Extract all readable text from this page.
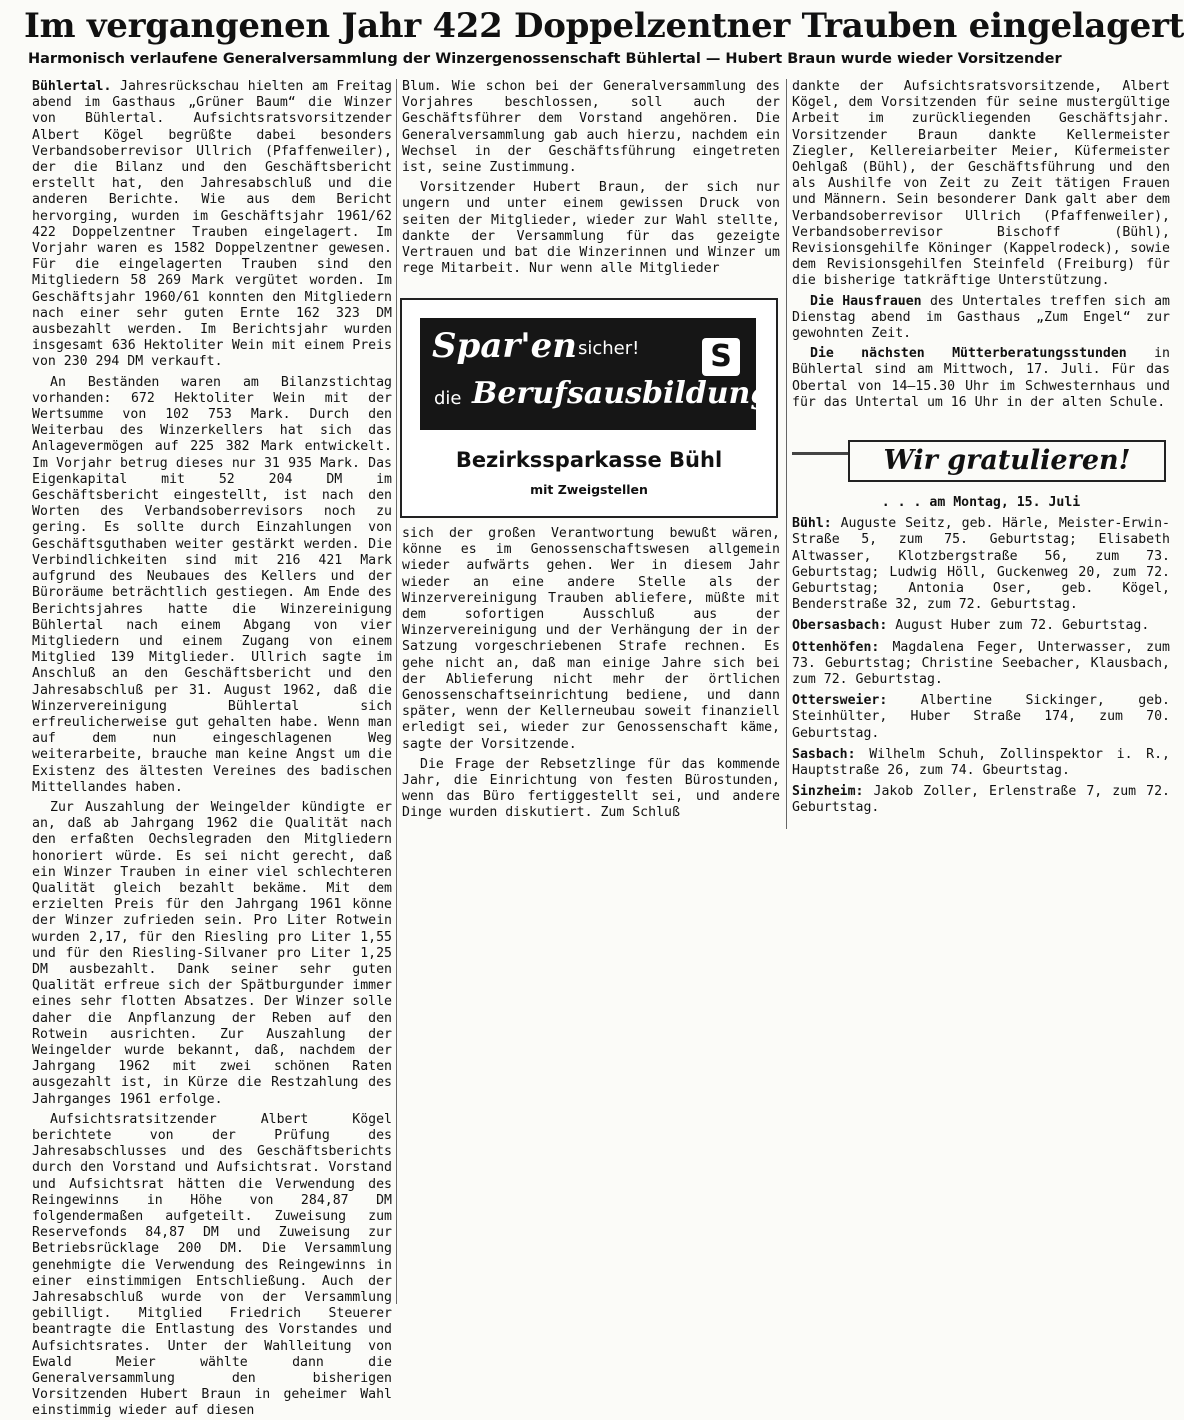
Im vergangenen Jahr 422 Doppelzentner Trauben eingelagert
Harmonisch verlaufene Generalversammlung der Winzergenossenschaft Bühlertal — Hubert Braun wurde wieder Vorsitzender

Bühlertal. Jahresrückschau hielten am Freitag abend im Gasthaus „Grüner Baum“ die Winzer von Bühlertal. Aufsichtsratsvorsitzender Albert Kögel begrüßte dabei besonders Verbandsoberrevisor Ullrich (Pfaffenweiler), der die Bilanz und den Geschäftsbericht erstellt hat, den Jahresabschluß und die anderen Berichte. Wie aus dem Bericht hervorging, wurden im Geschäftsjahr 1961/62 422 Doppelzentner Trauben eingelagert. Im Vorjahr waren es 1582 Doppelzentner gewesen. Für die eingelagerten Trauben sind den Mitgliedern 58 269 Mark vergütet worden. Im Geschäftsjahr 1960/61 konnten den Mitgliedern nach einer sehr guten Ernte 162 323 DM ausbezahlt werden. Im Berichtsjahr wurden insgesamt 636 Hektoliter Wein mit einem Preis von 230 294 DM verkauft.

An Beständen waren am Bilanzstichtag vorhanden: 672 Hektoliter Wein mit der Wertsumme von 102 753 Mark. Durch den Weiterbau des Winzerkellers hat sich das Anlagevermögen auf 225 382 Mark entwickelt. Im Vorjahr betrug dieses nur 31 935 Mark. Das Eigenkapital mit 52 204 DM im Geschäftsbericht eingestellt, ist nach den Worten des Verbandsoberrevisors noch zu gering. Es sollte durch Einzahlungen von Geschäftsguthaben weiter gestärkt werden. Die Verbindlichkeiten sind mit 216 421 Mark aufgrund des Neubaues des Kellers und der Büroräume beträchtlich gestiegen. Am Ende des Berichtsjahres hatte die Winzereinigung Bühlertal nach einem Abgang von vier Mitgliedern und einem Zugang von einem Mitglied 139 Mitglieder. Ullrich sagte im Anschluß an den Geschäftsbericht und den Jahresabschluß per 31. August 1962, daß die Winzervereinigung Bühlertal sich erfreulicherweise gut gehalten habe. Wenn man auf dem nun eingeschlagenen Weg weiterarbeite, brauche man keine Angst um die Existenz des ältesten Vereines des badischen Mittellandes haben.

Zur Auszahlung der Weingelder kündigte er an, daß ab Jahrgang 1962 die Qualität nach den erfaßten Oechslegraden den Mitgliedern honoriert würde. Es sei nicht gerecht, daß ein Winzer Trauben in einer viel schlechteren Qualität gleich bezahlt bekäme. Mit dem erzielten Preis für den Jahrgang 1961 könne der Winzer zufrieden sein. Pro Liter Rotwein wurden 2,17, für den Riesling pro Liter 1,55 und für den Riesling-Silvaner pro Liter 1,25 DM ausbezahlt. Dank seiner sehr guten Qualität erfreue sich der Spätburgunder immer eines sehr flotten Absatzes. Der Winzer solle daher die Anpflanzung der Reben auf den Rotwein ausrichten. Zur Auszahlung der Weingelder wurde bekannt, daß, nachdem der Jahrgang 1962 mit zwei schönen Raten ausgezahlt ist, in Kürze die Restzahlung des Jahrganges 1961 erfolge.

Aufsichtsratsitzender Albert Kögel berichtete von der Prüfung des Jahresabschlusses und des Geschäftsberichts durch den Vorstand und Aufsichtsrat. Vorstand und Aufsichtsrat hätten die Verwendung des Reingewinns in Höhe von 284,87 DM folgendermaßen aufgeteilt. Zuweisung zum Reservefonds 84,87 DM und Zuweisung zur Betriebsrücklage 200 DM. Die Versammlung genehmigte die Verwendung des Reingewinns in einer einstimmigen Entschließung. Auch der Jahresabschluß wurde von der Versammlung gebilligt. Mitglied Friedrich Steuerer beantragte die Entlastung des Vorstandes und Aufsichtsrates. Unter der Wahlleitung von Ewald Meier wählte dann die Generalversammlung den bisherigen Vorsitzenden Hubert Braun in geheimer Wahl einstimmig wieder auf diesen

Blum. Wie schon bei der Generalversammlung des Vorjahres beschlossen, soll auch der Geschäftsführer dem Vorstand angehören. Die Generalversammlung gab auch hierzu, nachdem ein Wechsel in der Geschäftsführung eingetreten ist, seine Zustimmung.

Vorsitzender Hubert Braun, der sich nur ungern und unter einem gewissen Druck von seiten der Mitglieder, wieder zur Wahl stellte, dankte der Versammlung für das gezeigte Vertrauen und bat die Winzerinnen und Winzer um rege Mitarbeit. Nur wenn alle Mitglieder

Spar'en sicher!
die Berufsausbildung
S
Bezirkssparkasse Bühl
mit Zweigstellen

sich der großen Verantwortung bewußt wären, könne es im Genossenschaftswesen allgemein wieder aufwärts gehen. Wer in diesem Jahr wieder an eine andere Stelle als der Winzervereinigung Trauben abliefere, müßte mit dem sofortigen Ausschluß aus der Winzervereinigung und der Verhängung der in der Satzung vorgeschriebenen Strafe rechnen. Es gehe nicht an, daß man einige Jahre sich bei der Ablieferung nicht mehr der örtlichen Genossenschaftseinrichtung bediene, und dann später, wenn der Kellerneubau soweit finanziell erledigt sei, wieder zur Genossenschaft käme, sagte der Vorsitzende.

Die Frage der Rebsetzlinge für das kommende Jahr, die Einrichtung von festen Bürostunden, wenn das Büro fertiggestellt sei, und andere Dinge wurden diskutiert. Zum Schluß

dankte der Aufsichtsratsvorsitzende, Albert Kögel, dem Vorsitzenden für seine mustergültige Arbeit im zurückliegenden Geschäftsjahr. Vorsitzender Braun dankte Kellermeister Ziegler, Kellereiarbeiter Meier, Küfermeister Oehlgaß (Bühl), der Geschäftsführung und den als Aushilfe von Zeit zu Zeit tätigen Frauen und Männern. Sein besonderer Dank galt aber dem Verbandsoberrevisor Ullrich (Pfaffenweiler), Verbandsoberrevisor Bischoff (Bühl), Revisionsgehilfe Köninger (Kappelrodeck), sowie dem Revisionsgehilfen Steinfeld (Freiburg) für die bisherige tatkräftige Unterstützung.

Die Hausfrauen des Untertales treffen sich am Dienstag abend im Gasthaus „Zum Engel“ zur gewohnten Zeit.

Die nächsten Mütterberatungsstunden in Bühlertal sind am Mittwoch, 17. Juli. Für das Obertal von 14—15.30 Uhr im Schwesternhaus und für das Untertal um 16 Uhr in der alten Schule.

Wir gratulieren!

. . . am Montag, 15. Juli

Bühl: Auguste Seitz, geb. Härle, Meister-Erwin-Straße 5, zum 75. Geburtstag; Elisabeth Altwasser, Klotzbergstraße 56, zum 73. Geburtstag; Ludwig Höll, Guckenweg 20, zum 72. Geburtstag; Antonia Oser, geb. Kögel, Benderstraße 32, zum 72. Geburtstag.

Obersasbach: August Huber zum 72. Geburtstag.

Ottenhöfen: Magdalena Feger, Unterwasser, zum 73. Geburtstag; Christine Seebacher, Klausbach, zum 72. Geburtstag.

Ottersweier: Albertine Sickinger, geb. Steinhülter, Huber Straße 174, zum 70. Geburtstag.

Sasbach: Wilhelm Schuh, Zollinspektor i. R., Hauptstraße 26, zum 74. Gbeurtstag.

Sinzheim: Jakob Zoller, Erlenstraße 7, zum 72. Geburtstag.
